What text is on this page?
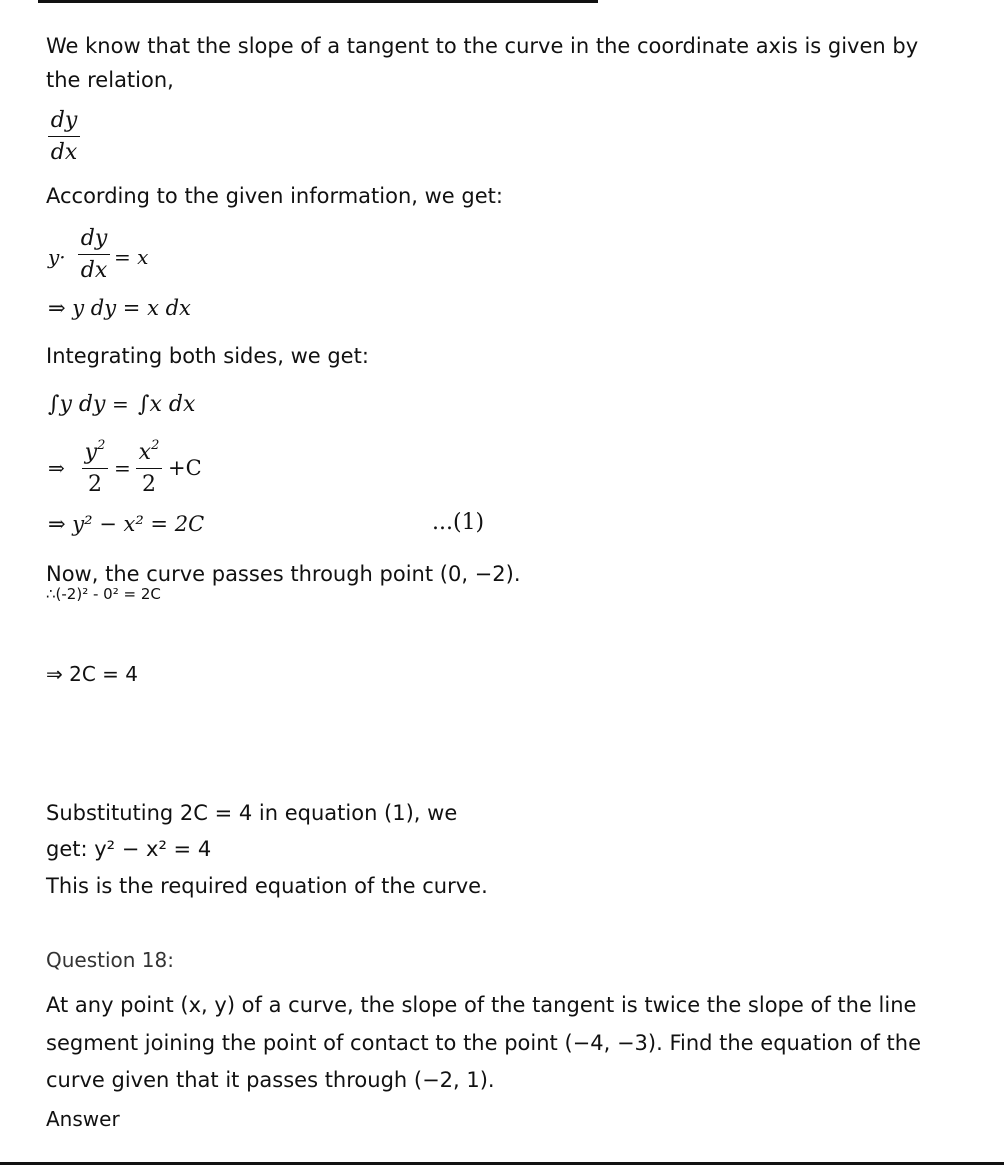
We know that the slope of a tangent to the curve in the coordinate axis is given by
the relation,
dy
dx
According to the given information, we get:
y·
dy
dx
= x
⇒ y dy = x dx
Integrating both sides, we get:
∫y dy = ∫x dx
⇒
$y^2$
2
=
$x^2$
2
+C
⇒ y² − x² = 2C	...(1)
Now, the curve passes through point (0, −2).
∴(-2)² - 0² = 2C
⇒ 2C = 4
Substituting 2C = 4 in equation (1), we
get: y² − x² = 4
This is the required equation of the curve.
Question 18:
At any point (x, y) of a curve, the slope of the tangent is twice the slope of the line
segment joining the point of contact to the point (−4, −3). Find the equation of the
curve given that it passes through (−2, 1).
Answer
